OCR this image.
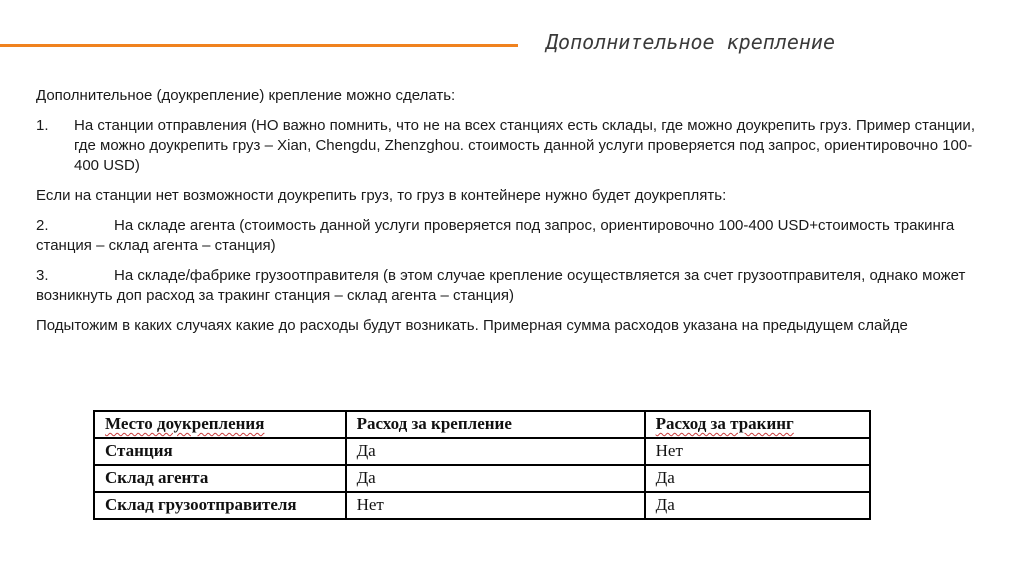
Дополнительное крепление

Дополнительное (доукрепление) крепление можно сделать:

1.	На станции отправления (НО важно помнить, что не на всех станциях есть склады, где можно доукрепить груз. Пример станции, где можно доукрепить груз – Xian, Chengdu, Zhenzghou. стоимость данной услуги проверяется под запрос, ориентировочно 100-400 USD)

Если на станции нет возможности доукрепить груз, то груз в контейнере нужно будет доукреплять:

2.	На складе агента (стоимость данной услуги проверяется под запрос, ориентировочно 100-400 USD+стоимость тракинга станция – склад агента – станция)

3.	На складе/фабрике грузоотправителя (в этом случае крепление осуществляется за счет грузоотправителя, однако может возникнуть доп расход за тракинг станция – склад агента – станция)

Подытожим в каких случаях какие до расходы будут возникать. Примерная сумма расходов указана на предыдущем слайде

Место доукрепления	Расход за крепление	Расход за тракинг
Станция	Да	Нет
Склад агента	Да	Да
Склад грузоотправителя	Нет	Да
